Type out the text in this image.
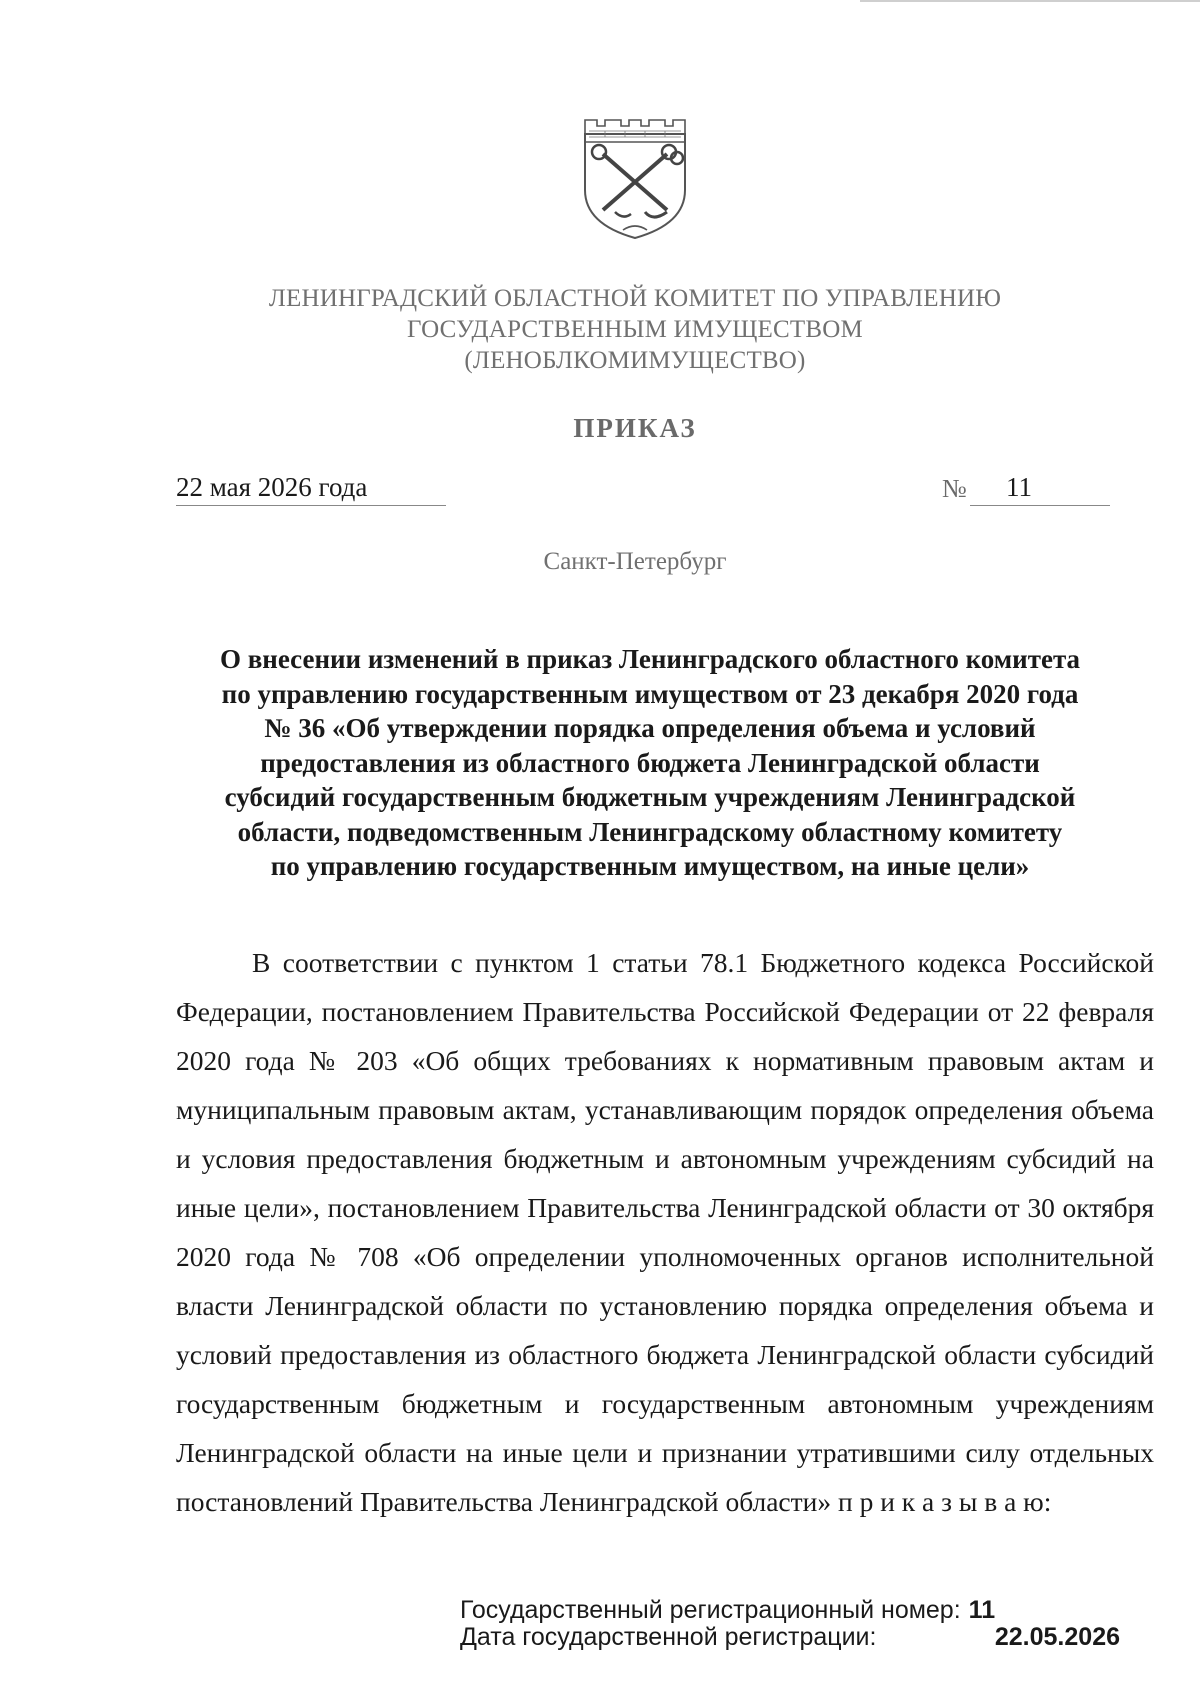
ЛЕНИНГРАДСКИЙ ОБЛАСТНОЙ КОМИТЕТ ПО УПРАВЛЕНИЮ
ГОСУДАРСТВЕННЫМ ИМУЩЕСТВОМ
(ЛЕНОБЛКОМИМУЩЕСТВО)
ПРИКАЗ
22 мая 2026 года	№	11
Санкт-Петербург
О внесении изменений в приказ Ленинградского областного комитета
по управлению государственным имуществом от 23 декабря 2020 года
№ 36 «Об утверждении порядка определения объема и условий
предоставления из областного бюджета Ленинградской области
субсидий государственным бюджетным учреждениям Ленинградской
области, подведомственным Ленинградскому областному комитету
по управлению государственным имуществом, на иные цели»
В соответствии с пунктом 1 статьи 78.1 Бюджетного кодекса Российской Федерации, постановлением Правительства Российской Федерации от 22 февраля 2020 года № 203 «Об общих требованиях к нормативным правовым актам и муниципальным правовым актам, устанавливающим порядок определения объема и условия предоставления бюджетным и автономным учреждениям субсидий на иные цели», постановлением Правительства Ленинградской области от 30 октября 2020 года № 708 «Об определении уполномоченных органов исполнительной власти Ленинградской области по установлению порядка определения объема и условий предоставления из областного бюджета Ленинградской области субсидий государственным бюджетным и государственным автономным учреждениям Ленинградской области на иные цели и признании утратившими силу отдельных постановлений Правительства Ленинградской области» п р и к а з ы в а ю:
Государственный регистрационный номер: 11
Дата государственной регистрации:	22.05.2026
